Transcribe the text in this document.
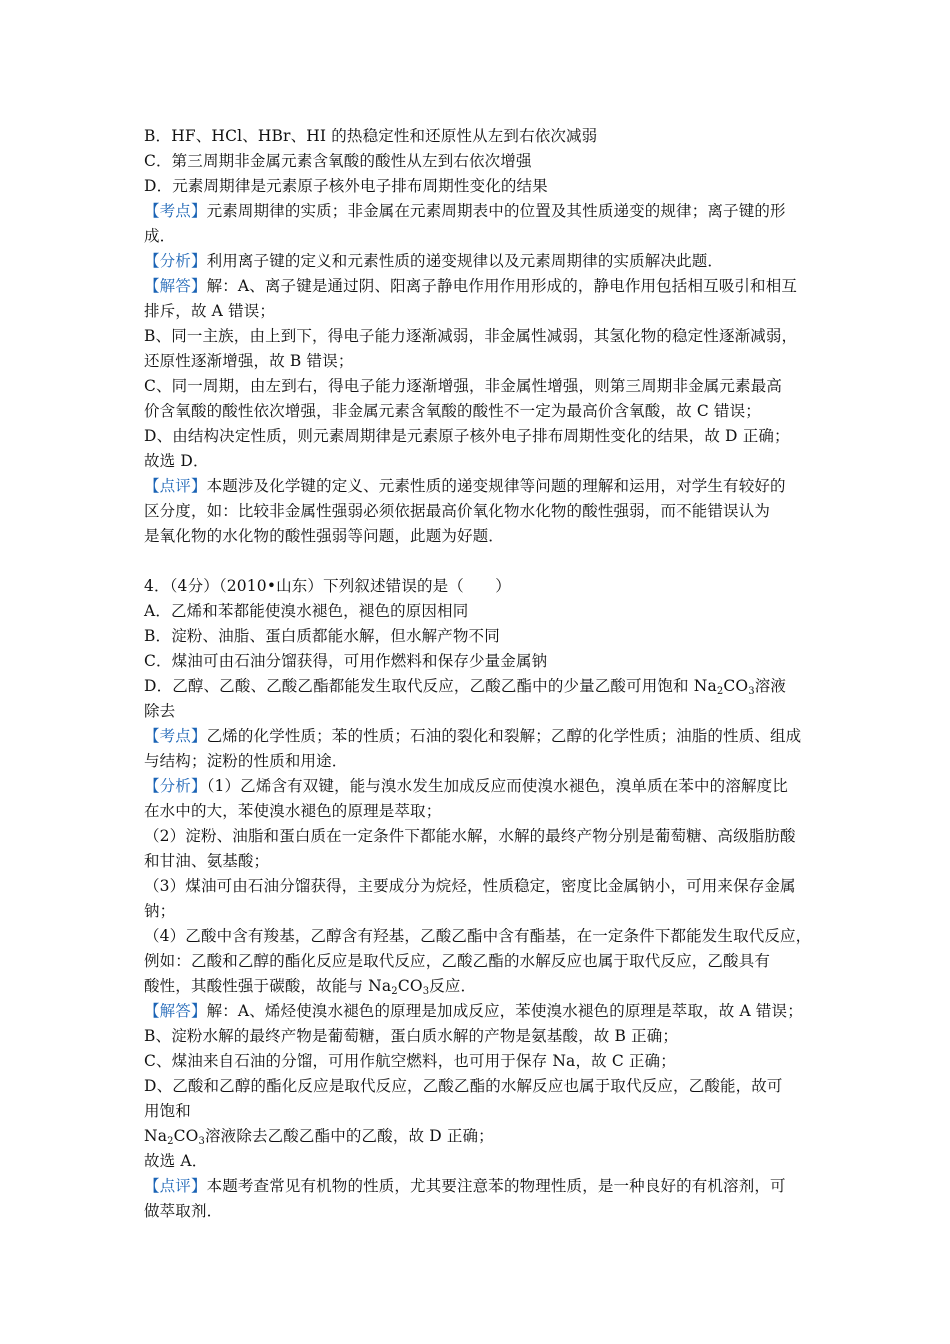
B．HF、HCl、HBr、HI 的热稳定性和还原性从左到右依次减弱
C．第三周期非金属元素含氧酸的酸性从左到右依次增强
D．元素周期律是元素原子核外电子排布周期性变化的结果
【考点】元素周期律的实质；非金属在元素周期表中的位置及其性质递变的规律；离子键的形
成．
【分析】利用离子键的定义和元素性质的递变规律以及元素周期律的实质解决此题．
【解答】解：A、离子键是通过阴、阳离子静电作用作用形成的，静电作用包括相互吸引和相互
排斥，故 A 错误；
B、同一主族，由上到下，得电子能力逐渐减弱，非金属性减弱，其氢化物的稳定性逐渐减弱，
还原性逐渐增强，故 B 错误；
C、同一周期，由左到右，得电子能力逐渐增强，非金属性增强，则第三周期非金属元素最高
价含氧酸的酸性依次增强，非金属元素含氧酸的酸性不一定为最高价含氧酸，故 C 错误；
D、由结构决定性质，则元素周期律是元素原子核外电子排布周期性变化的结果，故 D 正确；
故选 D．
【点评】本题涉及化学键的定义、元素性质的递变规律等问题的理解和运用，对学生有较好的
区分度，如：比较非金属性强弱必须依据最高价氧化物水化物的酸性强弱，而不能错误认为
是氧化物的水化物的酸性强弱等问题，此题为好题．
4．（4分）（2010•山东）下列叙述错误的是（　　）
A．乙烯和苯都能使溴水褪色，褪色的原因相同
B．淀粉、油脂、蛋白质都能水解，但水解产物不同
C．煤油可由石油分馏获得，可用作燃料和保存少量金属钠
D．乙醇、乙酸、乙酸乙酯都能发生取代反应，乙酸乙酯中的少量乙酸可用饱和 $Na_2CO_3$溶液
除去
【考点】乙烯的化学性质；苯的性质；石油的裂化和裂解；乙醇的化学性质；油脂的性质、组成
与结构；淀粉的性质和用途．
【分析】（1）乙烯含有双键，能与溴水发生加成反应而使溴水褪色，溴单质在苯中的溶解度比
在水中的大，苯使溴水褪色的原理是萃取；
（2）淀粉、油脂和蛋白质在一定条件下都能水解，水解的最终产物分别是葡萄糖、高级脂肪酸
和甘油、氨基酸；
（3）煤油可由石油分馏获得，主要成分为烷烃，性质稳定，密度比金属钠小，可用来保存金属
钠；
（4）乙酸中含有羧基，乙醇含有羟基，乙酸乙酯中含有酯基，在一定条件下都能发生取代反应，
例如：乙酸和乙醇的酯化反应是取代反应，乙酸乙酯的水解反应也属于取代反应，乙酸具有
酸性，其酸性强于碳酸，故能与 $Na_2CO_3$反应．
【解答】解：A、烯烃使溴水褪色的原理是加成反应，苯使溴水褪色的原理是萃取，故 A 错误；
B、淀粉水解的最终产物是葡萄糖，蛋白质水解的产物是氨基酸，故 B 正确；
C、煤油来自石油的分馏，可用作航空燃料，也可用于保存 Na，故 C 正确；
D、乙酸和乙醇的酯化反应是取代反应，乙酸乙酯的水解反应也属于取代反应，乙酸能，故可
用饱和
$Na_2CO_3$溶液除去乙酸乙酯中的乙酸，故 D 正确；
故选 A．
【点评】本题考查常见有机物的性质，尤其要注意苯的物理性质，是一种良好的有机溶剂，可
做萃取剂．
